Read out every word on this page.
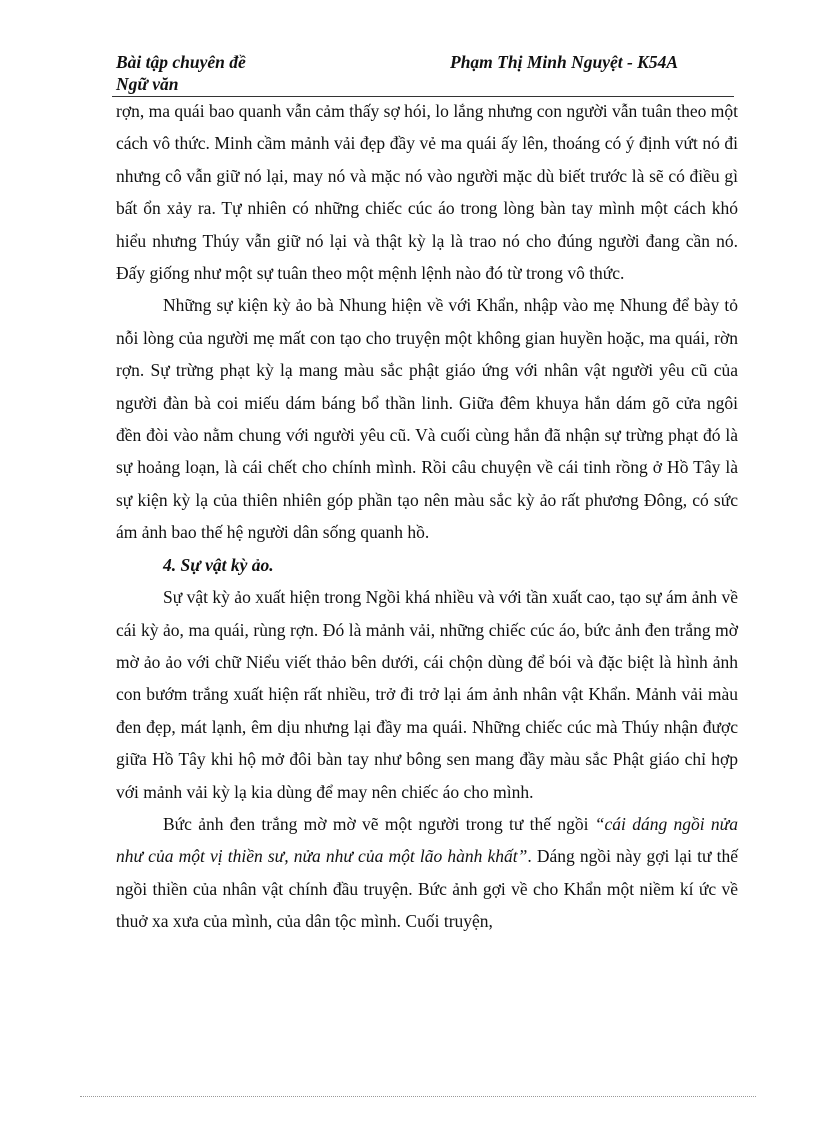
Bài tập chuyên đề
Ngữ văn
Phạm Thị Minh Nguyệt - K54A

rợn, ma quái bao quanh vẫn cảm thấy sợ hói, lo lắng nhưng con người vẫn tuân theo một cách vô thức. Minh cầm mảnh vải đẹp đầy vẻ ma quái ấy lên, thoáng có ý định vứt nó đi nhưng cô vẫn giữ nó lại, may nó và mặc nó vào người mặc dù biết trước là sẽ có điều gì bất ổn xảy ra. Tự nhiên có những chiếc cúc áo trong lòng bàn tay mình một cách khó hiểu nhưng Thúy vẫn giữ nó lại và thật kỳ lạ là trao nó cho đúng người đang cần nó. Đấy giống như một sự tuân theo một mệnh lệnh nào đó từ trong vô thức.

Những sự kiện kỳ ảo bà Nhung hiện về với Khẩn, nhập vào mẹ Nhung để bày tỏ nỗi lòng của người mẹ mất con tạo cho truyện một không gian huyền hoặc, ma quái, rờn rợn. Sự trừng phạt kỳ lạ mang màu sắc phật giáo ứng với nhân vật người yêu cũ của người đàn bà coi miếu dám báng bổ thần linh. Giữa đêm khuya hắn dám gõ cửa ngôi đền đòi vào nằm chung với người yêu cũ. Và cuối cùng hắn đã nhận sự trừng phạt đó là sự hoảng loạn, là cái chết cho chính mình. Rồi câu chuyện về cái tinh rồng ở Hồ Tây là sự kiện kỳ lạ của thiên nhiên góp phần tạo nên màu sắc kỳ ảo rất phương Đông, có sức ám ảnh bao thế hệ người dân sống quanh hồ.

4. Sự vật kỳ ảo.

Sự vật kỳ ảo xuất hiện trong Ngồi khá nhiều và với tần xuất cao, tạo sự ám ảnh về cái kỳ ảo, ma quái, rùng rợn. Đó là mảnh vải, những chiếc cúc áo, bức ảnh đen trắng mờ mờ ảo ảo với chữ Niểu viết thảo bên dưới, cái chộn dùng để bói và đặc biệt là hình ảnh con bướm trắng xuất hiện rất nhiều, trở đi trở lại ám ảnh nhân vật Khẩn. Mảnh vải màu đen đẹp, mát lạnh, êm dịu nhưng lại đầy ma quái. Những chiếc cúc mà Thúy nhận được giữa Hồ Tây khi hộ mở đôi bàn tay như bông sen mang đầy màu sắc Phật giáo chỉ hợp với mảnh vải kỳ lạ kia dùng để may nên chiếc áo cho mình.

Bức ảnh đen trắng mờ mờ vẽ một người trong tư thế ngồi “cái dáng ngồi nửa như của một vị thiền sư, nửa như của một lão hành khất”. Dáng ngồi này gợi lại tư thế ngồi thiền của nhân vật chính đầu truyện. Bức ảnh gợi về cho Khẩn một niềm kí ức về thuở xa xưa của mình, của dân tộc mình. Cuối truyện,
